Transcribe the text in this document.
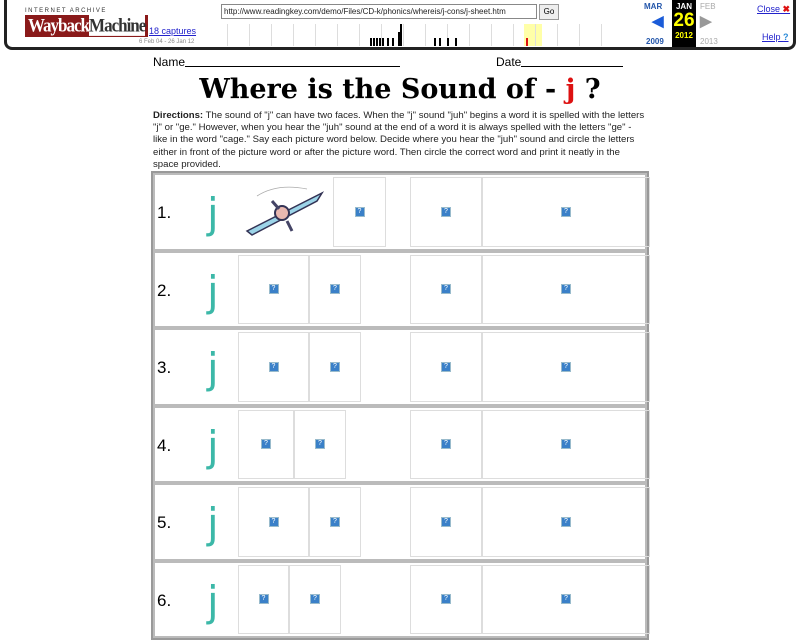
INTERNET ARCHIVE
WaybackMachine
http://www.readingkey.com/demo/Files/CD-k/phonics/whereis/j-cons/j-sheet.htm	Go
18 captures
6 Feb 04 - 26 Jan 12
MAR
◀
2009
JAN
26
2012
FEB
▶
2013
Close ✖
Help ?
Name	Date
Where is the Sound of - j ?
Directions: The sound of "j" can have two faces. When the "j" sound "juh" begins a word it is spelled with the letters "j" or "ge." However, when you hear the "juh" sound at the end of a word it is always spelled with the letters "ge" - like in the word "cage." Say each picture word below. Decide where you hear the "juh" sound and circle the letters either in front of the picture word or after the picture word. Then circle the correct word and print it neatly in the space provided.
1. j	?	?	?
2. j	?	?	?	?
3. j	?	?	?	?
4. j	?	?	?	?
5. j	?	?	?	?
6. j	?	?	?	?
